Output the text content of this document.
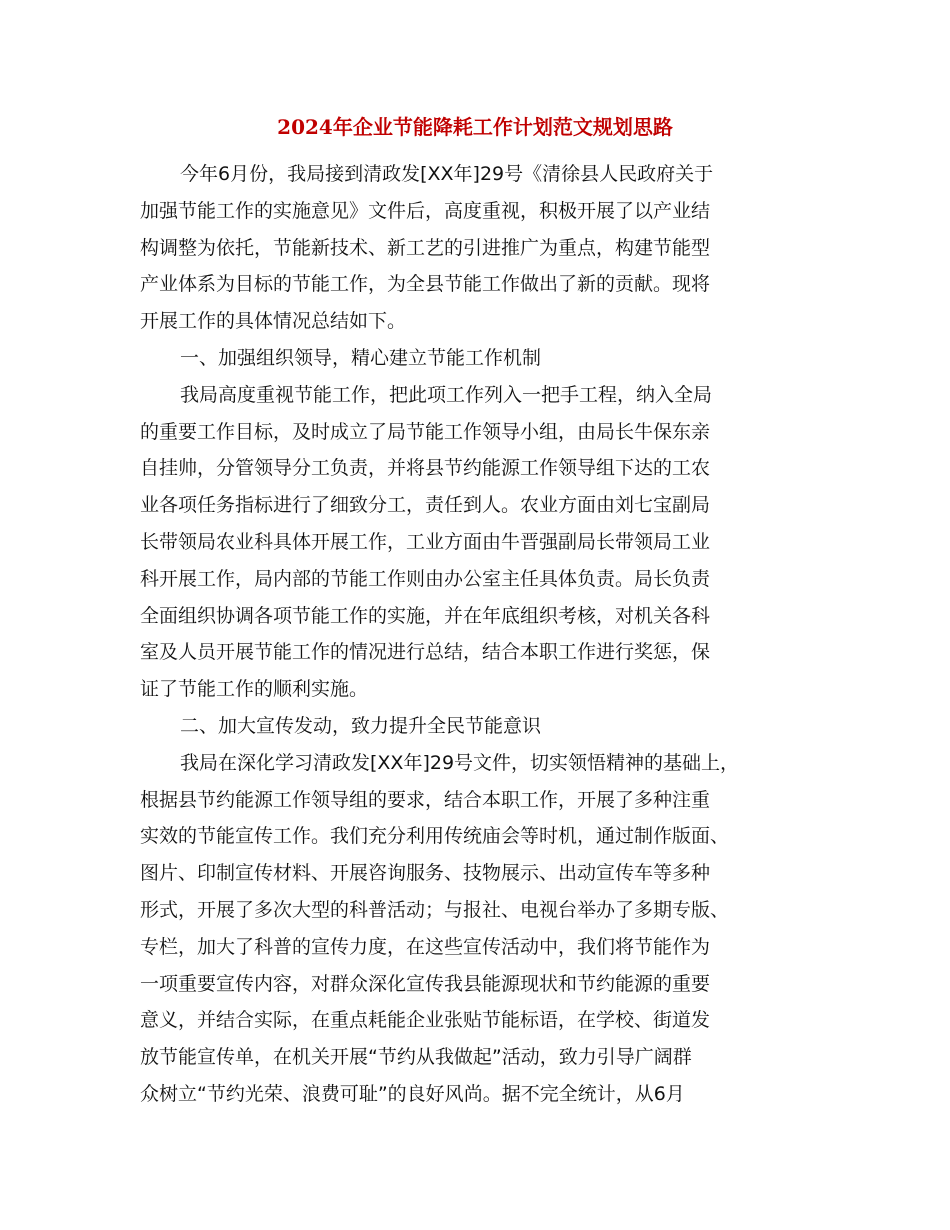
2024年企业节能降耗工作计划范文规划思路
今年6月份，我局接到清政发[XX年]29号《清徐县人民政府关于
加强节能工作的实施意见》文件后，高度重视，积极开展了以产业结
构调整为依托，节能新技术、新工艺的引进推广为重点，构建节能型
产业体系为目标的节能工作，为全县节能工作做出了新的贡献。现将
开展工作的具体情况总结如下。
一、加强组织领导，精心建立节能工作机制
我局高度重视节能工作，把此项工作列入一把手工程，纳入全局
的重要工作目标，及时成立了局节能工作领导小组，由局长牛保东亲
自挂帅，分管领导分工负责，并将县节约能源工作领导组下达的工农
业各项任务指标进行了细致分工，责任到人。农业方面由刘七宝副局
长带领局农业科具体开展工作，工业方面由牛晋强副局长带领局工业
科开展工作，局内部的节能工作则由办公室主任具体负责。局长负责
全面组织协调各项节能工作的实施，并在年底组织考核，对机关各科
室及人员开展节能工作的情况进行总结，结合本职工作进行奖惩，保
证了节能工作的顺利实施。
二、加大宣传发动，致力提升全民节能意识
我局在深化学习清政发[XX年]29号文件，切实领悟精神的基础上，
根据县节约能源工作领导组的要求，结合本职工作，开展了多种注重
实效的节能宣传工作。我们充分利用传统庙会等时机，通过制作版面、
图片、印制宣传材料、开展咨询服务、技物展示、出动宣传车等多种
形式，开展了多次大型的科普活动；与报社、电视台举办了多期专版、
专栏，加大了科普的宣传力度，在这些宣传活动中，我们将节能作为
一项重要宣传内容，对群众深化宣传我县能源现状和节约能源的重要
意义，并结合实际，在重点耗能企业张贴节能标语，在学校、街道发
放节能宣传单，在机关开展“节约从我做起”活动，致力引导广阔群
众树立“节约光荣、浪费可耻”的良好风尚。据不完全统计，从6月
